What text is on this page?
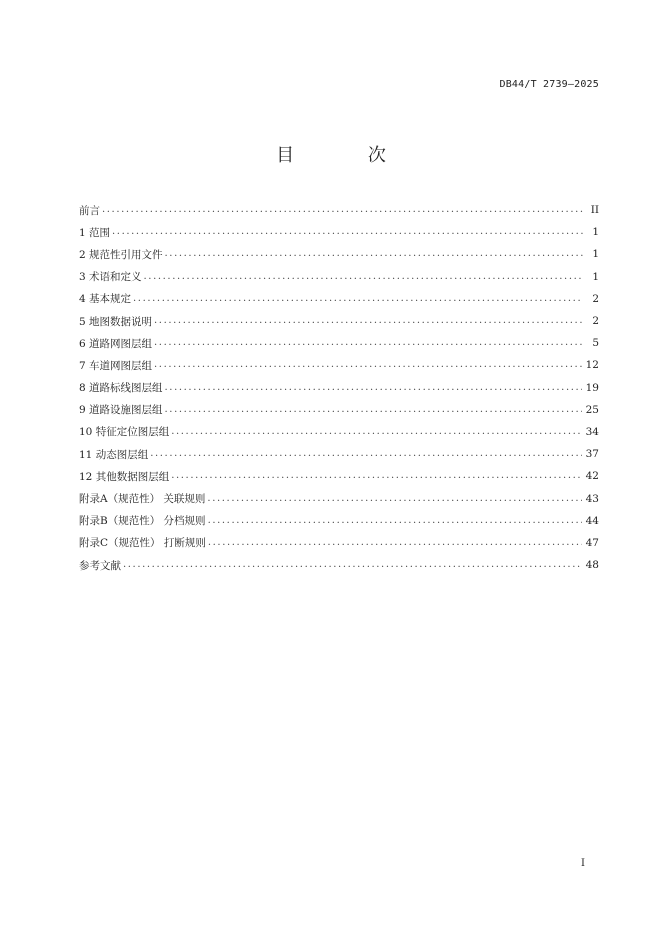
DB44/T 2739—2025
目 次
前言 .....	II
1 范围 .....	1
2 规范性引用文件 .....	1
3 术语和定义 .....	1
4 基本规定 .....	2
5 地图数据说明 .....	2
6 道路网图层组 .....	5
7 车道网图层组 .....	12
8 道路标线图层组 .....	19
9 道路设施图层组 .....	25
10 特征定位图层组 .....	34
11 动态图层组 .....	37
12 其他数据图层组 .....	42
附录A（规范性） 关联规则 .....	43
附录B（规范性） 分档规则 .....	44
附录C（规范性） 打断规则 .....	47
参考文献 .....	48
I
